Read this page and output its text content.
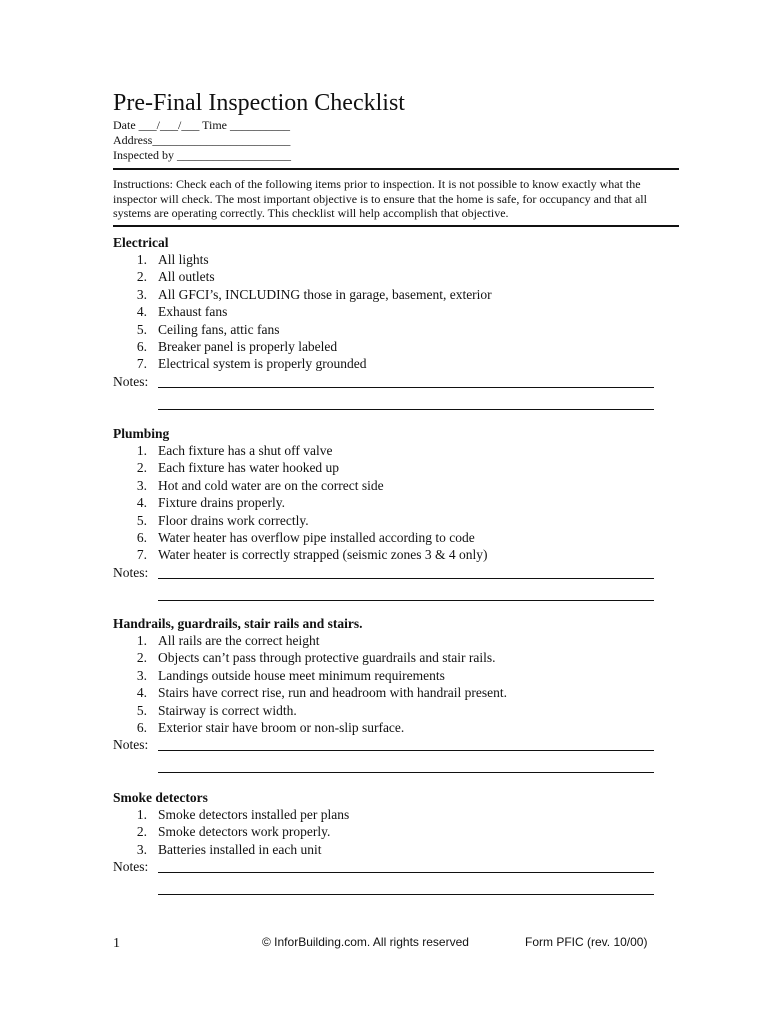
Pre-Final Inspection Checklist
Date ___/___/___ Time __________
Address_______________________
Inspected by ___________________
Instructions: Check each of the following items prior to inspection. It is not possible to know exactly what the inspector will check. The most important objective is to ensure that the home is safe, for occupancy and that all systems are operating correctly. This checklist will help accomplish that objective.
Electrical
1. All lights
2. All outlets
3. All GFCI’s, INCLUDING those in garage, basement, exterior
4. Exhaust fans
5. Ceiling fans, attic fans
6. Breaker panel is properly labeled
7. Electrical system is properly grounded
Notes:
Plumbing
1. Each fixture has a shut off valve
2. Each fixture has water hooked up
3. Hot and cold water are on the correct side
4. Fixture drains properly.
5. Floor drains work correctly.
6. Water heater has overflow pipe installed according to code
7. Water heater is correctly strapped (seismic zones 3 & 4 only)
Notes:
Handrails, guardrails, stair rails and stairs.
1. All rails are the correct height
2. Objects can’t pass through protective guardrails and stair rails.
3. Landings outside house meet minimum requirements
4. Stairs have correct rise, run and headroom with handrail present.
5. Stairway is correct width.
6. Exterior stair have broom or non-slip surface.
Notes:
Smoke detectors
1. Smoke detectors installed per plans
2. Smoke detectors work properly.
3. Batteries installed in each unit
Notes:
1	© InforBuilding.com. All rights reserved	Form PFIC (rev. 10/00)
